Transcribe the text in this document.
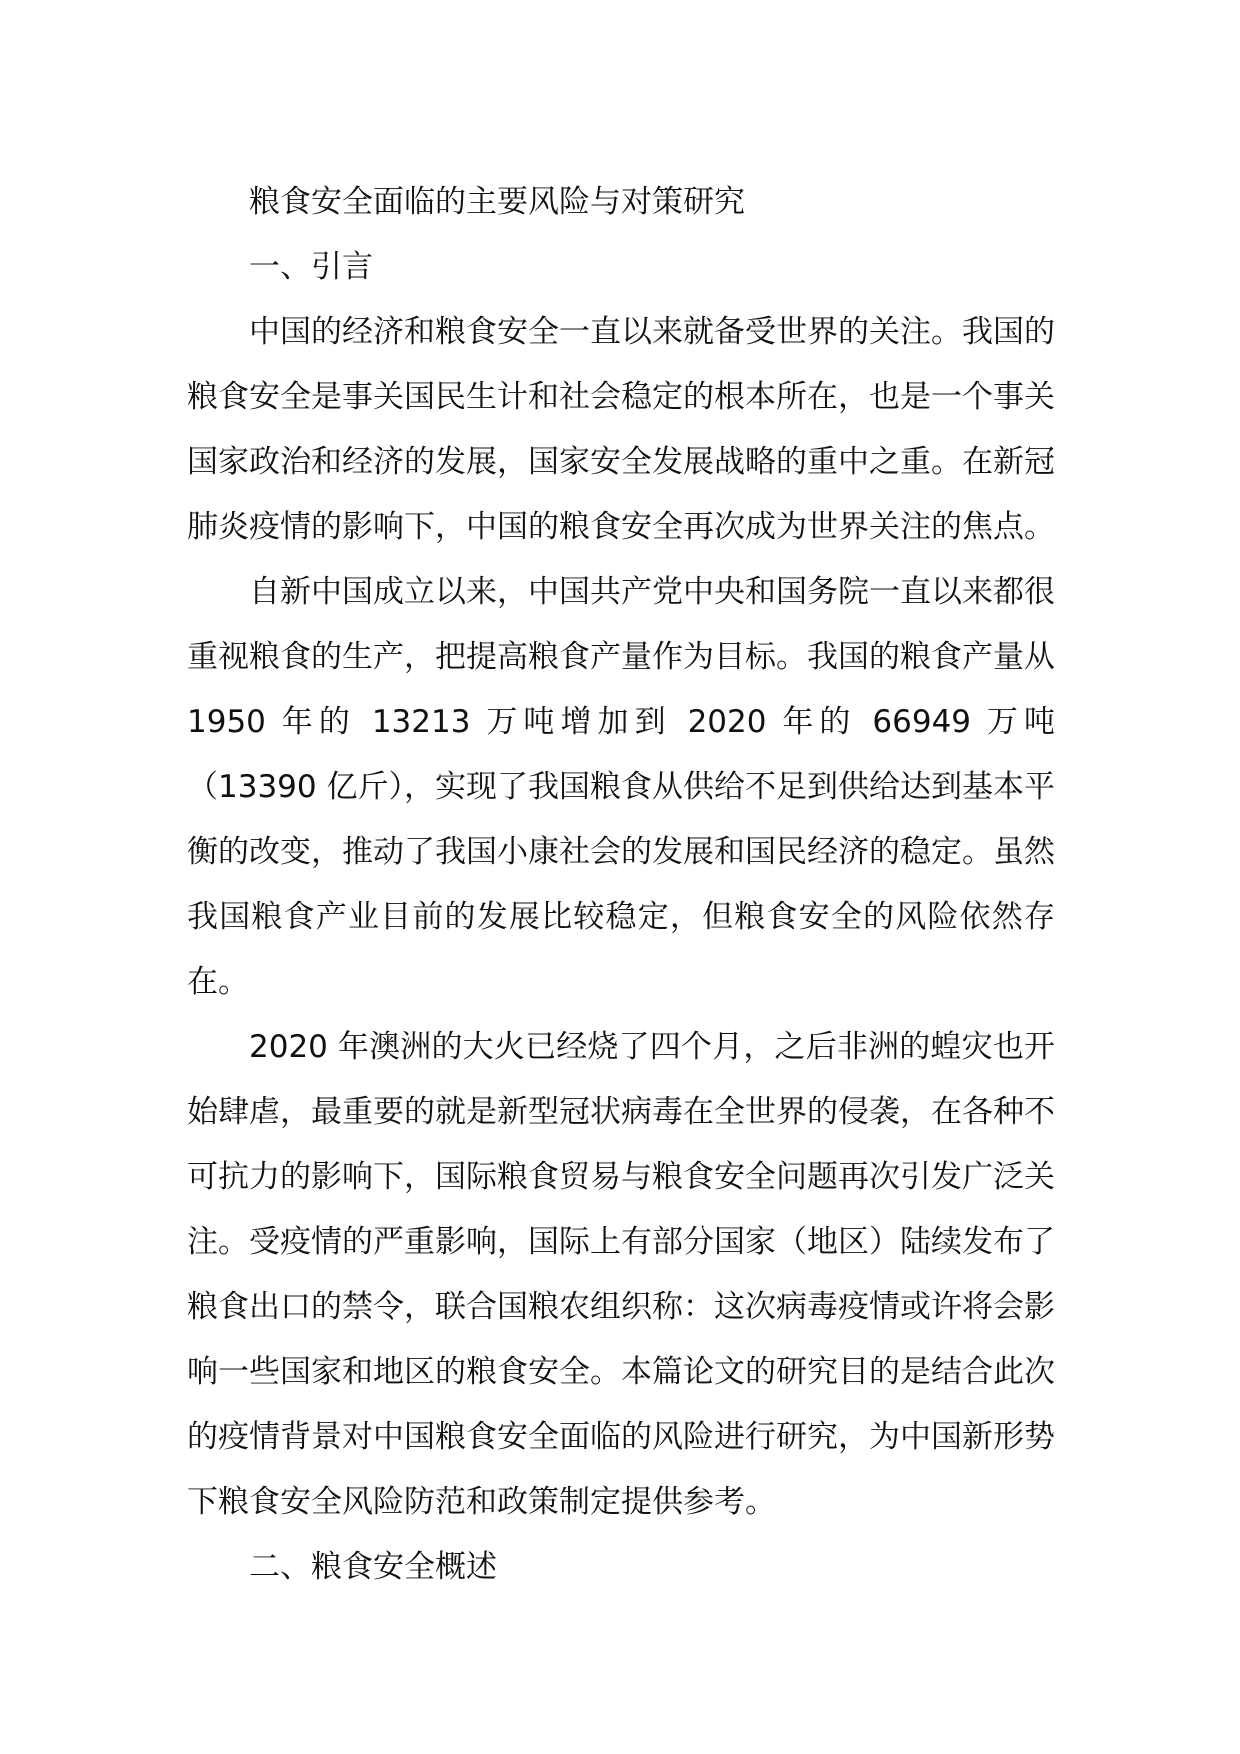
粮食安全面临的主要风险与对策研究

一、引言

中国的经济和粮食安全一直以来就备受世界的关注。我国的粮食安全是事关国民生计和社会稳定的根本所在，也是一个事关国家政治和经济的发展，国家安全发展战略的重中之重。在新冠肺炎疫情的影响下，中国的粮食安全再次成为世界关注的焦点。

自新中国成立以来，中国共产党中央和国务院一直以来都很重视粮食的生产，把提高粮食产量作为目标。我国的粮食产量从 1950 年的 13213 万吨增加到 2020 年的 66949 万吨（13390 亿斤），实现了我国粮食从供给不足到供给达到基本平衡的改变，推动了我国小康社会的发展和国民经济的稳定。虽然我国粮食产业目前的发展比较稳定，但粮食安全的风险依然存在。

2020 年澳洲的大火已经烧了四个月，之后非洲的蝗灾也开始肆虐，最重要的就是新型冠状病毒在全世界的侵袭，在各种不可抗力的影响下，国际粮食贸易与粮食安全问题再次引发广泛关注。受疫情的严重影响，国际上有部分国家（地区）陆续发布了粮食出口的禁令，联合国粮农组织称：这次病毒疫情或许将会影响一些国家和地区的粮食安全。本篇论文的研究目的是结合此次的疫情背景对中国粮食安全面临的风险进行研究，为中国新形势下粮食安全风险防范和政策制定提供参考。

二、粮食安全概述
